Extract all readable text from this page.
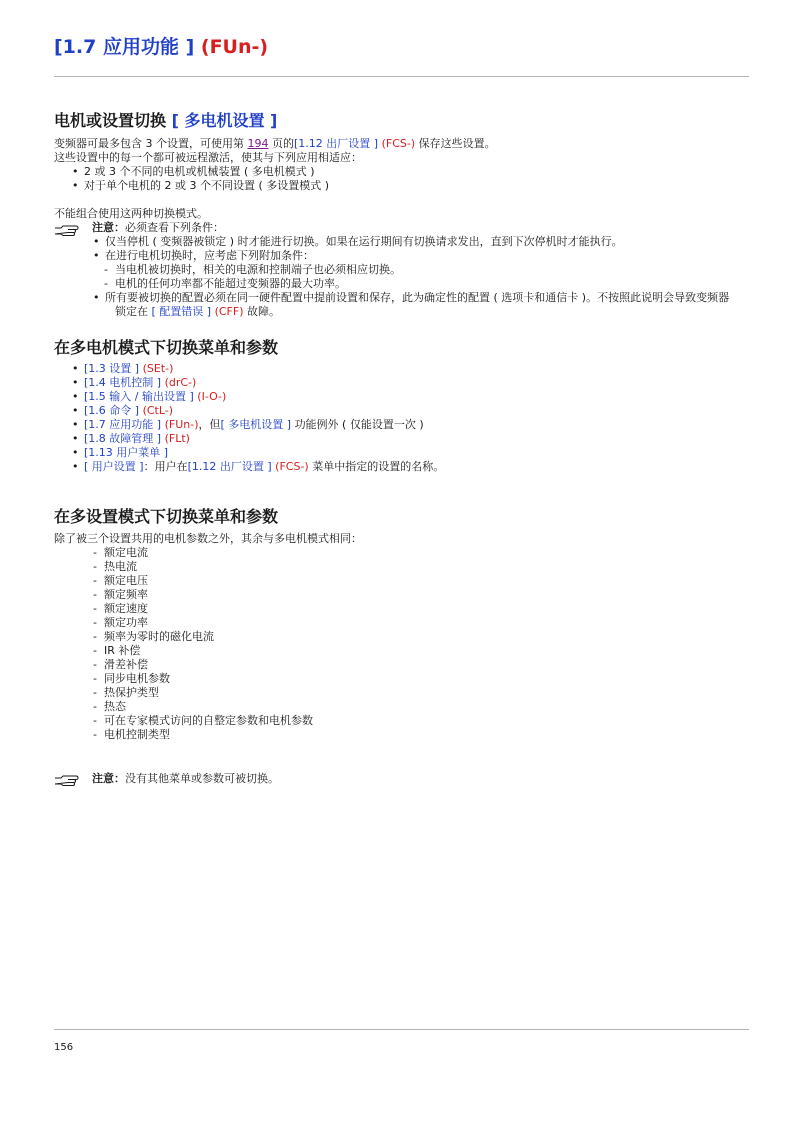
[1.7 应用功能 ] (FUn-)
电机或设置切换 [ 多电机设置 ]
变频器可最多包含 3 个设置，可使用第 194 页的[1.12 出厂设置 ] (FCS-) 保存这些设置。
这些设置中的每一个都可被远程激活，使其与下列应用相适应：
• 2 或 3 个不同的电机或机械装置 ( 多电机模式 )
• 对于单个电机的 2 或 3 个不同设置 ( 多设置模式 )
不能组合使用这两种切换模式。
注意：必须查看下列条件：
• 仅当停机 ( 变频器被锁定 ) 时才能进行切换。如果在运行期间有切换请求发出，直到下次停机时才能执行。
• 在进行电机切换时，应考虑下列附加条件：
- 当电机被切换时，相关的电源和控制端子也必须相应切换。
- 电机的任何功率都不能超过变频器的最大功率。
• 所有要被切换的配置必须在同一硬件配置中提前设置和保存，此为确定性的配置 ( 选项卡和通信卡 )。不按照此说明会导致变频器
锁定在 [ 配置错误 ] (CFF) 故障。
在多电机模式下切换菜单和参数
• [1.3 设置 ] (SEt-)
• [1.4 电机控制 ] (drC-)
• [1.5 输入 / 输出设置 ] (I-O-)
• [1.6 命令 ] (CtL-)
• [1.7 应用功能 ] (FUn-)，但[ 多电机设置 ] 功能例外 ( 仅能设置一次 )
• [1.8 故障管理 ] (FLt)
• [1.13 用户菜单 ]
• [ 用户设置 ]：用户在[1.12 出厂设置 ] (FCS-) 菜单中指定的设置的名称。
在多设置模式下切换菜单和参数
除了被三个设置共用的电机参数之外，其余与多电机模式相同：
- 额定电流
- 热电流
- 额定电压
- 额定频率
- 额定速度
- 额定功率
- 频率为零时的磁化电流
- IR 补偿
- 滑差补偿
- 同步电机参数
- 热保护类型
- 热态
- 可在专家模式访问的自整定参数和电机参数
- 电机控制类型
注意：没有其他菜单或参数可被切换。
156
